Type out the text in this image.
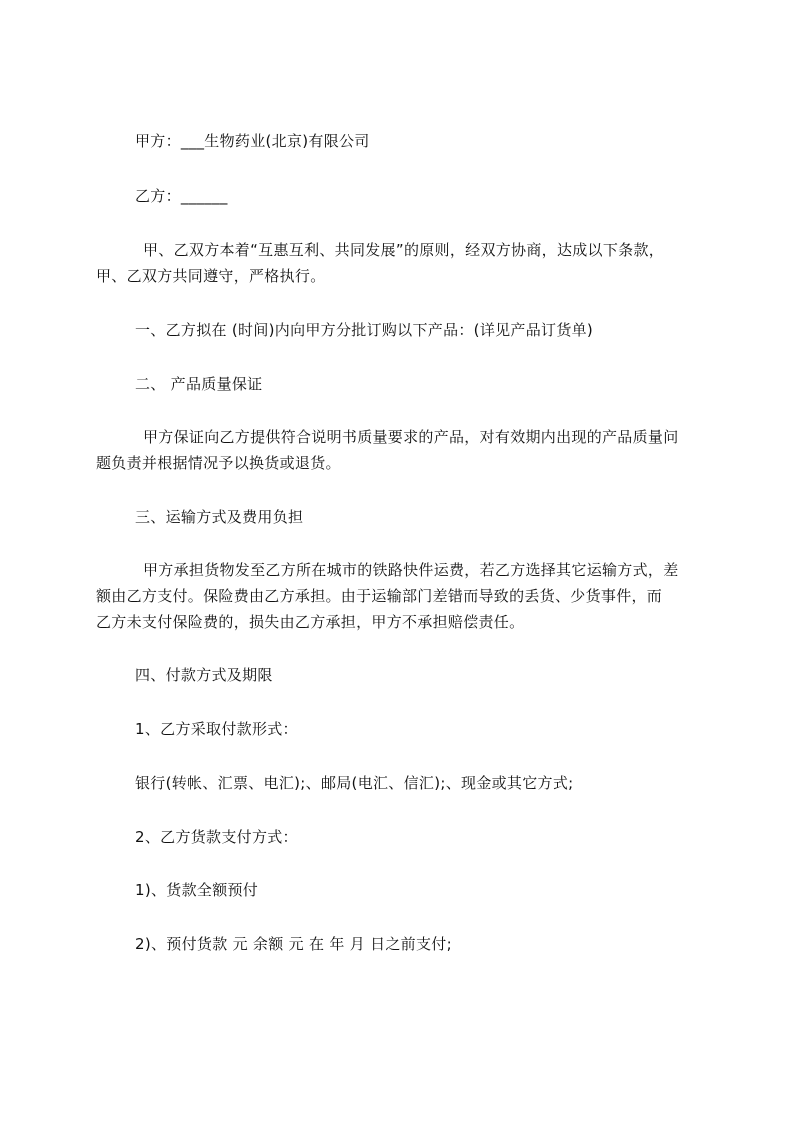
甲方：___生物药业(北京)有限公司
乙方：______
甲、乙双方本着“互惠互利、共同发展”的原则，经双方协商，达成以下条款，
甲、乙双方共同遵守，严格执行。
一、乙方拟在 (时间)内向甲方分批订购以下产品：(详见产品订货单)
二、 产品质量保证
甲方保证向乙方提供符合说明书质量要求的产品，对有效期内出现的产品质量问
题负责并根据情况予以换货或退货。
三、运输方式及费用负担
甲方承担货物发至乙方所在城市的铁路快件运费，若乙方选择其它运输方式，差
额由乙方支付。保险费由乙方承担。由于运输部门差错而导致的丢货、少货事件，而
乙方未支付保险费的，损失由乙方承担，甲方不承担赔偿责任。
四、付款方式及期限
1、乙方采取付款形式：
银行(转帐、汇票、电汇);、邮局(电汇、信汇);、现金或其它方式;
2、乙方货款支付方式：
1)、货款全额预付
2)、预付货款 元 余额 元 在 年 月 日之前支付;
